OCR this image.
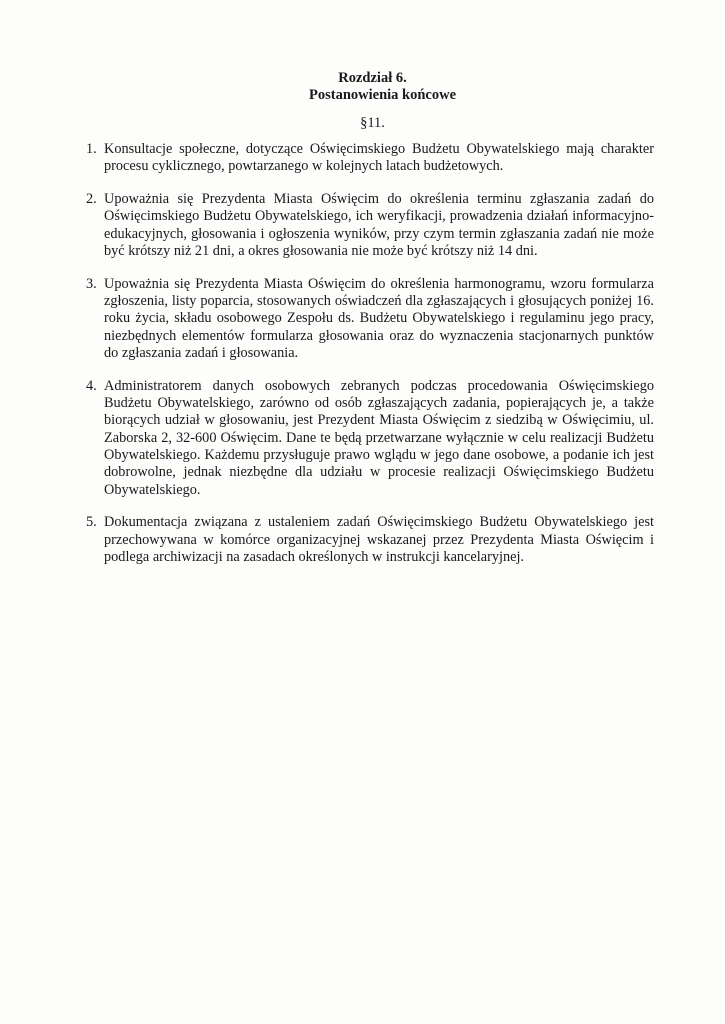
Rozdział 6.
Postanowienia końcowe
§11.
1. Konsultacje społeczne, dotyczące Oświęcimskiego Budżetu Obywatelskiego mają charakter procesu cyklicznego, powtarzanego w kolejnych latach budżetowych.
2. Upoważnia się Prezydenta Miasta Oświęcim do określenia terminu zgłaszania zadań do Oświęcimskiego Budżetu Obywatelskiego, ich weryfikacji, prowadzenia działań informacyjno-edukacyjnych, głosowania i ogłoszenia wyników, przy czym termin zgłaszania zadań nie może być krótszy niż 21 dni, a okres głosowania nie może być krótszy niż 14 dni.
3. Upoważnia się Prezydenta Miasta Oświęcim do określenia harmonogramu, wzoru formularza zgłoszenia, listy poparcia, stosowanych oświadczeń dla zgłaszających i głosujących poniżej 16. roku życia, składu osobowego Zespołu ds. Budżetu Obywatelskiego i regulaminu jego pracy, niezbędnych elementów formularza głosowania oraz do wyznaczenia stacjonarnych punktów do zgłaszania zadań i głosowania.
4. Administratorem danych osobowych zebranych podczas procedowania Oświęcimskiego Budżetu Obywatelskiego, zarówno od osób zgłaszających zadania, popierających je, a także biorących udział w głosowaniu, jest Prezydent Miasta Oświęcim z siedzibą w Oświęcimiu, ul. Zaborska 2, 32-600 Oświęcim. Dane te będą przetwarzane wyłącznie w celu realizacji Budżetu Obywatelskiego. Każdemu przysługuje prawo wglądu w jego dane osobowe, a podanie ich jest dobrowolne, jednak niezbędne dla udziału w procesie realizacji Oświęcimskiego Budżetu Obywatelskiego.
5. Dokumentacja związana z ustaleniem zadań Oświęcimskiego Budżetu Obywatelskiego jest przechowywana w komórce organizacyjnej wskazanej przez Prezydenta Miasta Oświęcim i podlega archiwizacji na zasadach określonych w instrukcji kancelaryjnej.
